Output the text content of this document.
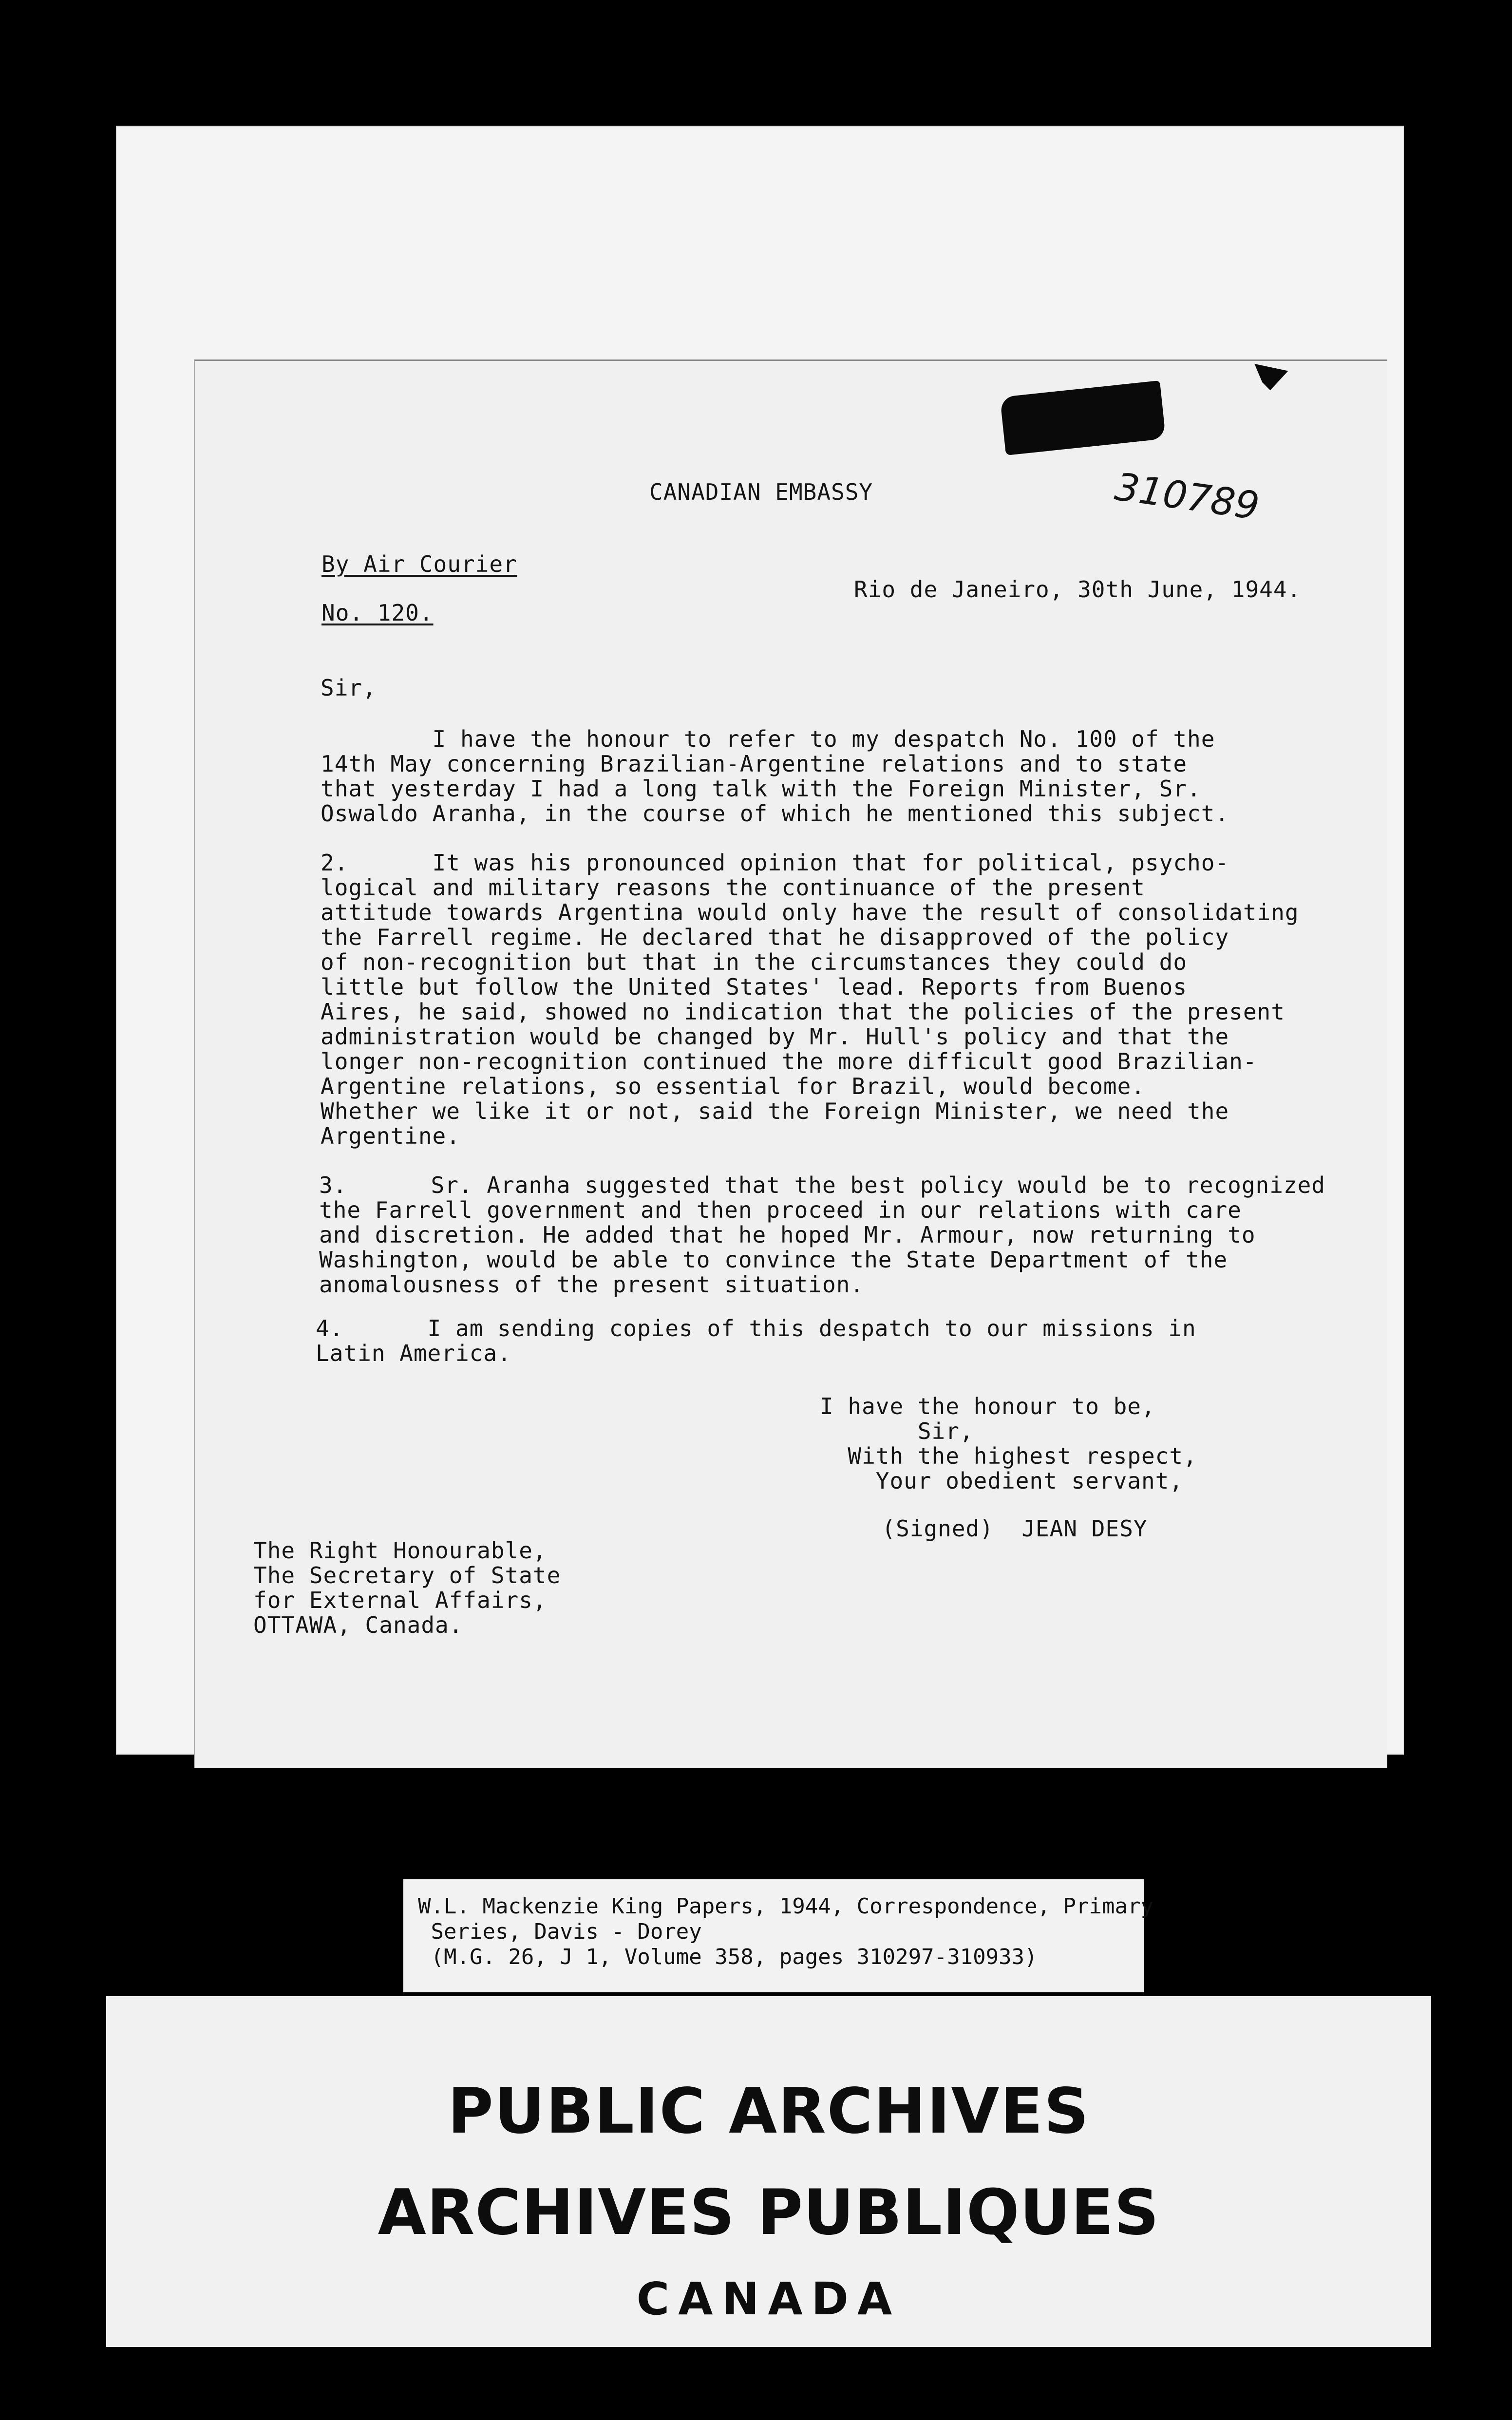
CANADIAN EMBASSY	310789
By Air Courier
No. 120.
Rio de Janeiro, 30th June, 1944.
Sir,
I have the honour to refer to my despatch No. 100 of the
14th May concerning Brazilian-Argentine relations and to state
that yesterday I had a long talk with the Foreign Minister, Sr.
Oswaldo Aranha, in the course of which he mentioned this subject.
2.      It was his pronounced opinion that for political, psycho-
logical and military reasons the continuance of the present
attitude towards Argentina would only have the result of consolidating
the Farrell regime. He declared that he disapproved of the policy
of non-recognition but that in the circumstances they could do
little but follow the United States' lead. Reports from Buenos
Aires, he said, showed no indication that the policies of the present
administration would be changed by Mr. Hull's policy and that the
longer non-recognition continued the more difficult good Brazilian-
Argentine relations, so essential for Brazil, would become.
Whether we like it or not, said the Foreign Minister, we need the
Argentine.
3.      Sr. Aranha suggested that the best policy would be to recognized
the Farrell government and then proceed in our relations with care
and discretion. He added that he hoped Mr. Armour, now returning to
Washington, would be able to convince the State Department of the
anomalousness of the present situation.
4.      I am sending copies of this despatch to our missions in
Latin America.
I have the honour to be,
Sir,
With the highest respect,
Your obedient servant,
(Signed)  JEAN DESY
The Right Honourable,
The Secretary of State
for External Affairs,
OTTAWA, Canada.
W.L. Mackenzie King Papers, 1944, Correspondence, Primary
Series, Davis - Dorey
(M.G. 26, J 1, Volume 358, pages 310297-310933)
PUBLIC ARCHIVES
ARCHIVES PUBLIQUES
CANADA
